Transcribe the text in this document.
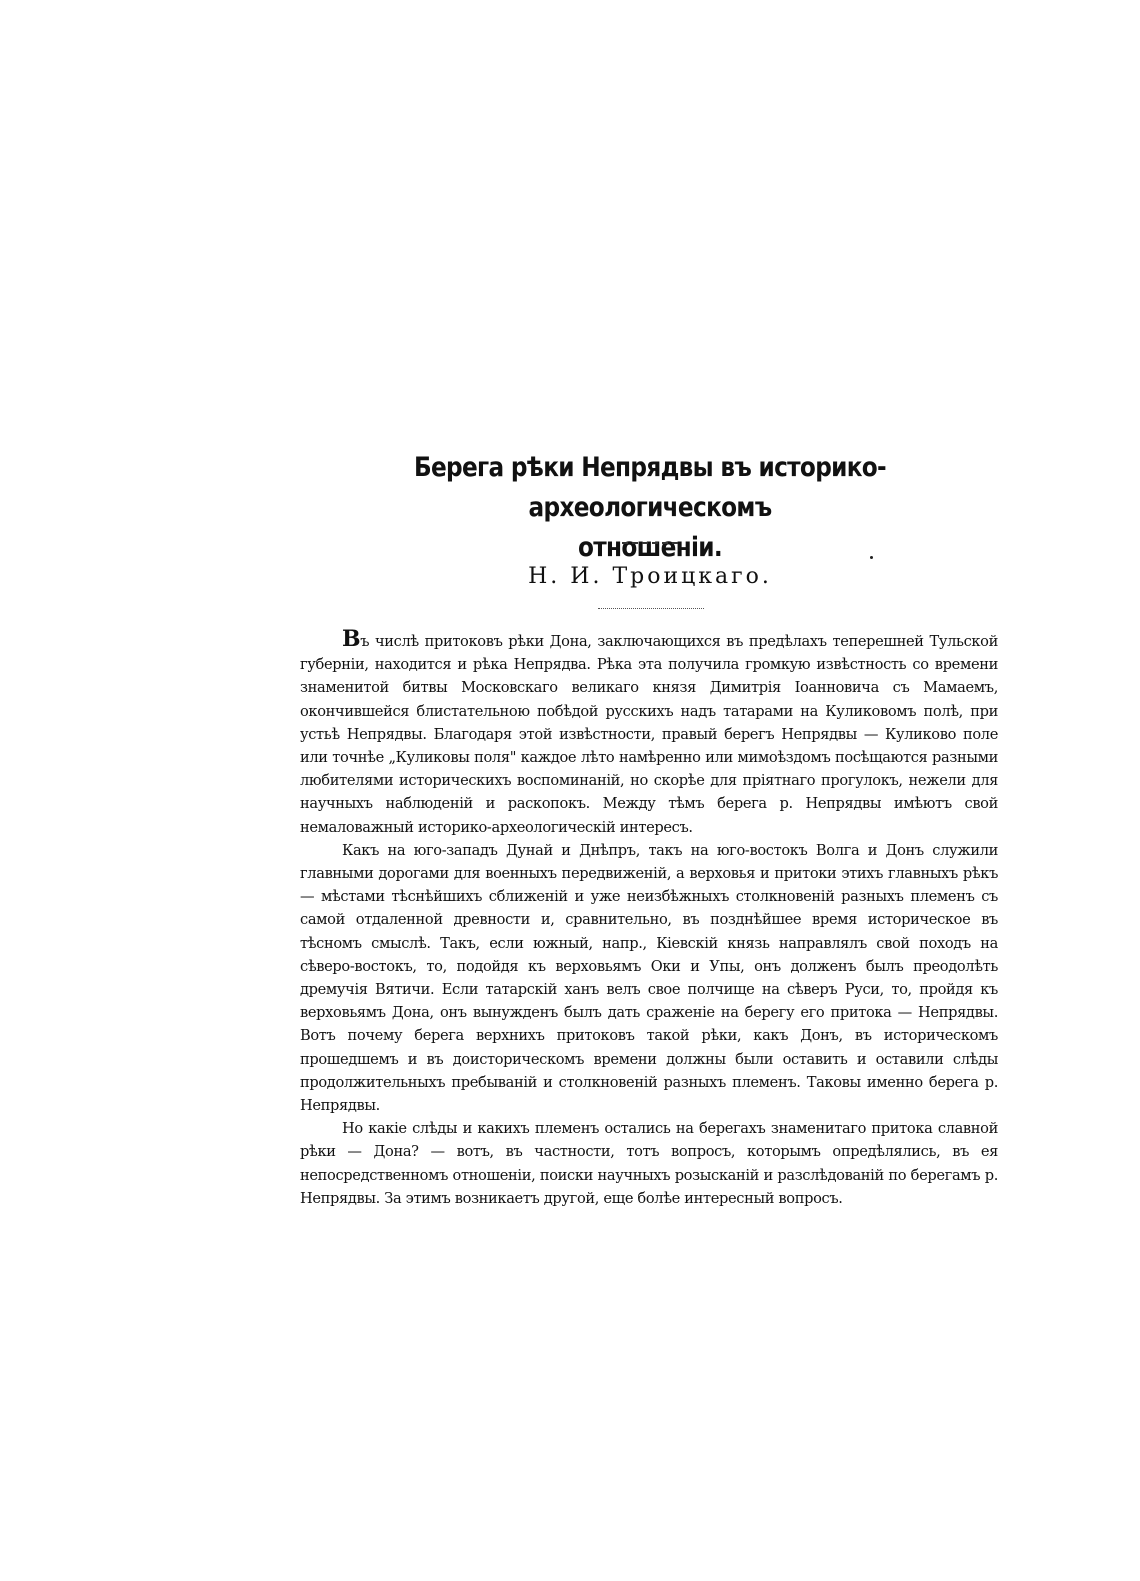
Берега рѣки Непрядвы въ историко-археологическомъ
отношеніи.

Н. И. Троицкаго.

Въ числѣ притоковъ рѣки Дона, заключающихся въ предѣлахъ теперешней Тульской губерніи, находится и рѣка Непрядва. Рѣка эта получила громкую извѣстность со времени знаменитой битвы Московскаго великаго князя Димитрія Іоанновича съ Мамаемъ, окончившейся блистательною побѣдой русскихъ надъ татарами на Куликовомъ полѣ, при устьѣ Непрядвы. Благодаря этой извѣстности, правый берегъ Непрядвы — Куликово поле или точнѣе „Куликовы поля" каждое лѣто намѣренно или мимоѣздомъ посѣщаются разными любителями историческихъ воспоминаній, но скорѣе для пріятнаго прогулокъ, нежели для научныхъ наблюденій и раскопокъ. Между тѣмъ берега р. Непрядвы имѣютъ свой немаловажный историко-археологическій интересъ.

Какъ на юго-западъ Дунай и Днѣпръ, такъ на юго-востокъ Волга и Донъ служили главными дорогами для военныхъ передвиженій, а верховья и притоки этихъ главныхъ рѣкъ — мѣстами тѣснѣйшихъ сближеній и уже неизбѣжныхъ столкновеній разныхъ племенъ съ самой отдаленной древности и, сравнительно, въ позднѣйшее время историческое въ тѣсномъ смыслѣ. Такъ, если южный, напр., Кіевскій князь направлялъ свой походъ на сѣверо-востокъ, то, подойдя къ верховьямъ Оки и Упы, онъ долженъ былъ преодолѣть дремучія Вятичи. Если татарскій ханъ велъ свое полчище на сѣверъ Руси, то, пройдя къ верховьямъ Дона, онъ вынужденъ былъ дать сраженіе на берегу его притока — Непрядвы. Вотъ почему берега верхнихъ притоковъ такой рѣки, какъ Донъ, въ историческомъ прошедшемъ и въ доисторическомъ времени должны были оставить и оставили слѣды продолжительныхъ пребываній и столкновеній разныхъ племенъ. Таковы именно берега р. Непрядвы.

Но какіе слѣды и какихъ племенъ остались на берегахъ знаменитаго притока славной рѣки — Дона? — вотъ, въ частности, тотъ вопросъ, которымъ опредѣлялись, въ ея непосредственномъ отношеніи, поиски научныхъ розысканій и разслѣдованій по берегамъ р. Непрядвы. За этимъ возникаетъ другой, еще болѣе интересный вопросъ.
